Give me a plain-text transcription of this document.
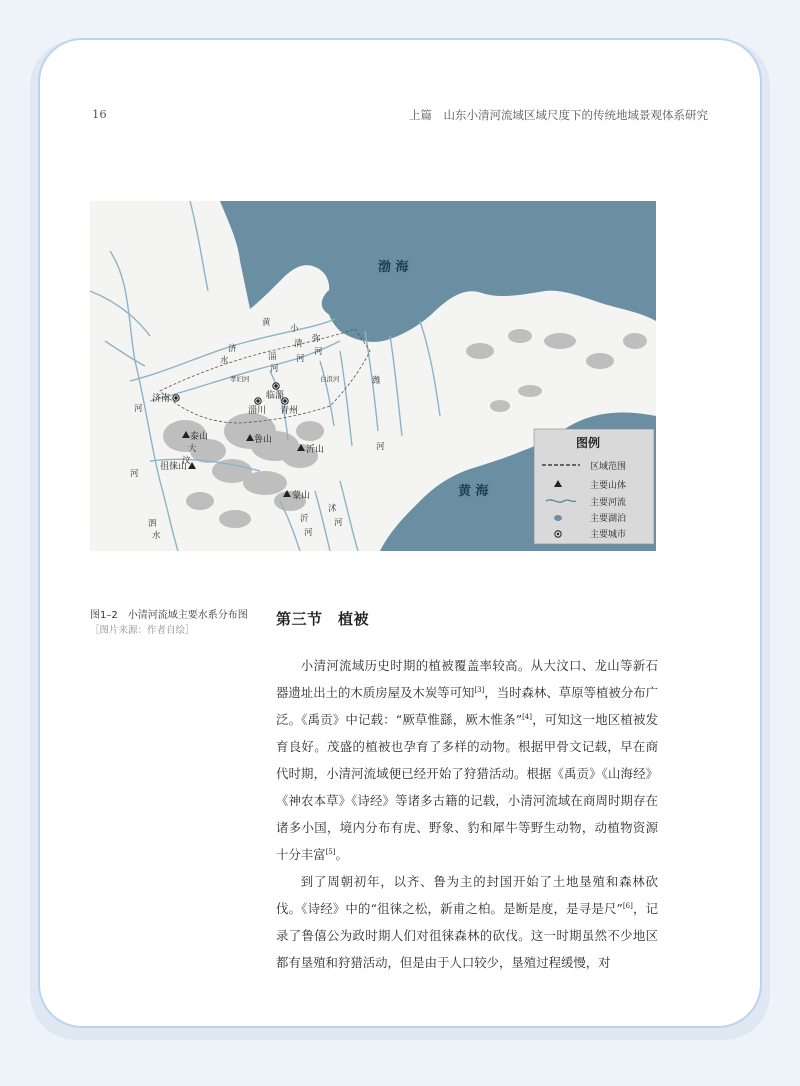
16	上篇　山东小清河流域区域尺度下的传统地域景观体系研究
渤 海
黄 海
济南	临淄
淄川 青州
泰山	鲁山
沂山
徂徕山
蒙山
黄
河
济
水
小
清
河
弥
河
淄
河
潍
河
大
汶
河
沂
河
沭
河
泗
水
孝妇河	白浪河
图例
区域范围
主要山体
主要河流
主要湖泊
主要城市
图1–2　小清河流域主要水系分布图
［图片来源：作者自绘］
第三节　植被

小清河流域历史时期的植被覆盖率较高。从大汶口、龙山等新石器遗址出土的木质房屋及木炭等可知[3]，当时森林、草原等植被分布广泛。《禹贡》中记载：“厥草惟繇，厥木惟条”[4]，可知这一地区植被发育良好。茂盛的植被也孕育了多样的动物。根据甲骨文记载，早在商代时期，小清河流域便已经开始了狩猎活动。根据《禹贡》《山海经》《神农本草》《诗经》等诸多古籍的记载，小清河流域在商周时期存在诸多小国，境内分布有虎、野象、豹和犀牛等野生动物，动植物资源十分丰富[5]。

到了周朝初年，以齐、鲁为主的封国开始了土地垦殖和森林砍伐。《诗经》中的“徂徕之松，新甫之柏。是断是度，是寻是尺”[6]，记录了鲁僖公为政时期人们对徂徕森林的砍伐。这一时期虽然不少地区都有垦殖和狩猎活动，但是由于人口较少，垦殖过程缓慢，对
